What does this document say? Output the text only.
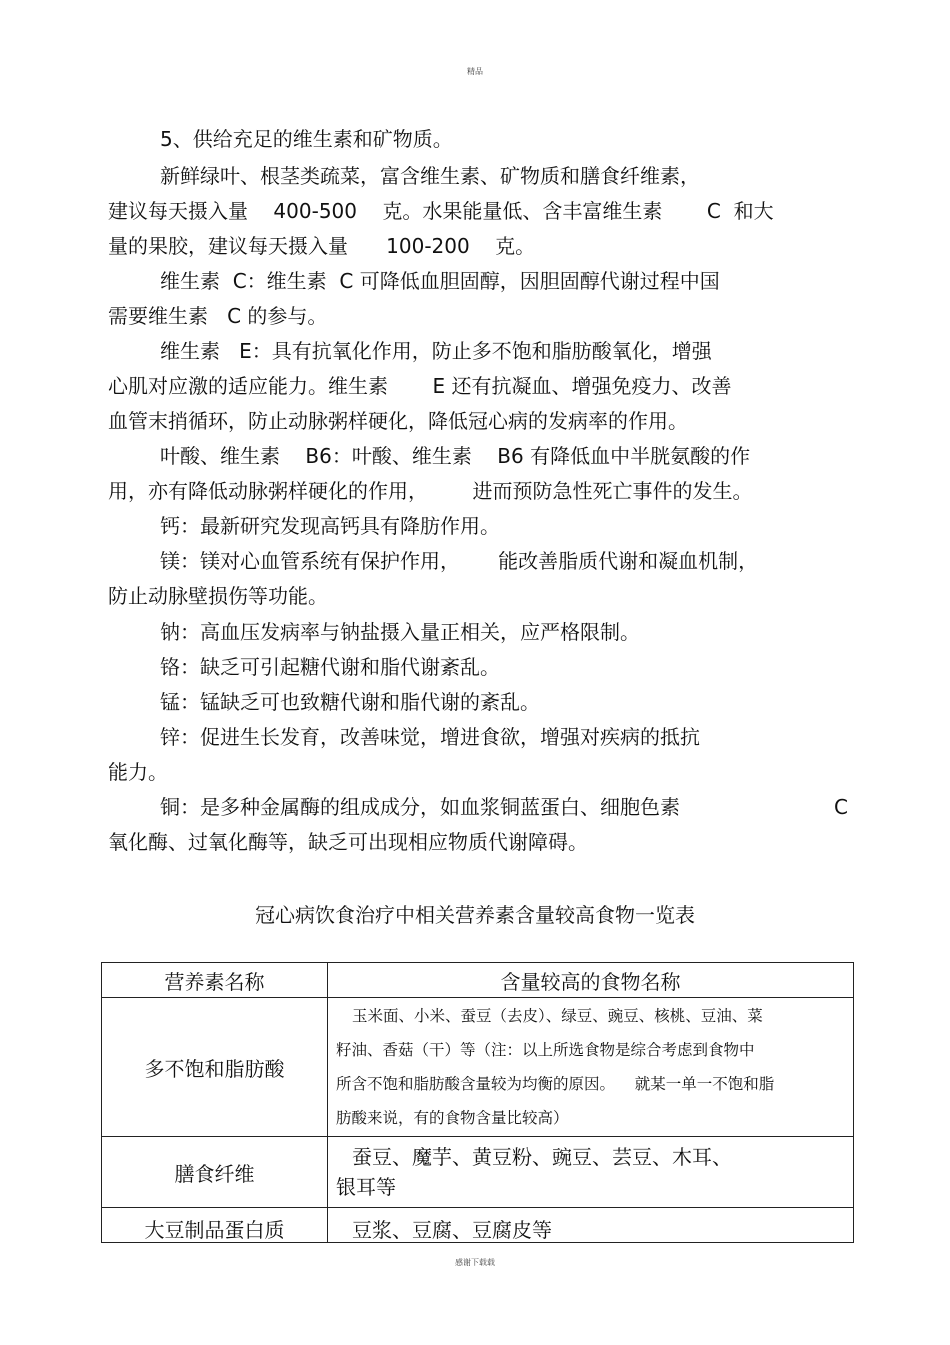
精品
5、供给充足的维生素和矿物质。
新鲜绿叶、根茎类疏菜，富含维生素、矿物质和膳食纤维素，
建议每天摄入量    400-500    克。水果能量低、含丰富维生素       C  和大
量的果胶，建议每天摄入量      100-200    克。
维生素  C：维生素  C 可降低血胆固醇，因胆固醇代谢过程中国
需要维生素   C 的参与。
维生素   E：具有抗氧化作用，防止多不饱和脂肪酸氧化，增强
心肌对应激的适应能力。维生素       E 还有抗凝血、增强免疫力、改善
血管末捎循环，防止动脉粥样硬化，降低冠心病的发病率的作用。
叶酸、维生素    B6：叶酸、维生素    B6 有降低血中半胱氨酸的作
用，亦有降低动脉粥样硬化的作用，       进而预防急性死亡事件的发生。
钙：最新研究发现高钙具有降肪作用。
镁：镁对心血管系统有保护作用，      能改善脂质代谢和凝血机制，
防止动脉壁损伤等功能。
钠：高血压发病率与钠盐摄入量正相关，应严格限制。
铬：缺乏可引起糖代谢和脂代谢紊乱。
锰：锰缺乏可也致糖代谢和脂代谢的紊乱。
锌：促进生长发育，改善味觉，增进食欲，增强对疾病的抵抗
能力。
铜：是多种金属酶的组成成分，如血浆铜蓝蛋白、细胞色素	C
氧化酶、过氧化酶等，缺乏可出现相应物质代谢障碍。
冠心病饮食治疗中相关营养素含量较高食物一览表
营养素名称	含量较高的食物名称
多不饱和脂肪酸	玉米面、小米、蚕豆（去皮）、绿豆、豌豆、核桃、豆油、菜
籽油、香菇（干）等（注：以上所选食物是综合考虑到食物中
所含不饱和脂肪酸含量较为均衡的原因。    就某一单一不饱和脂
肪酸来说，有的食物含量比较高）

膳食纤维	蚕豆、魔芋、黄豆粉、豌豆、芸豆、木耳、
银耳等

大豆制品蛋白质	豆浆、豆腐、豆腐皮等
感谢下载载
